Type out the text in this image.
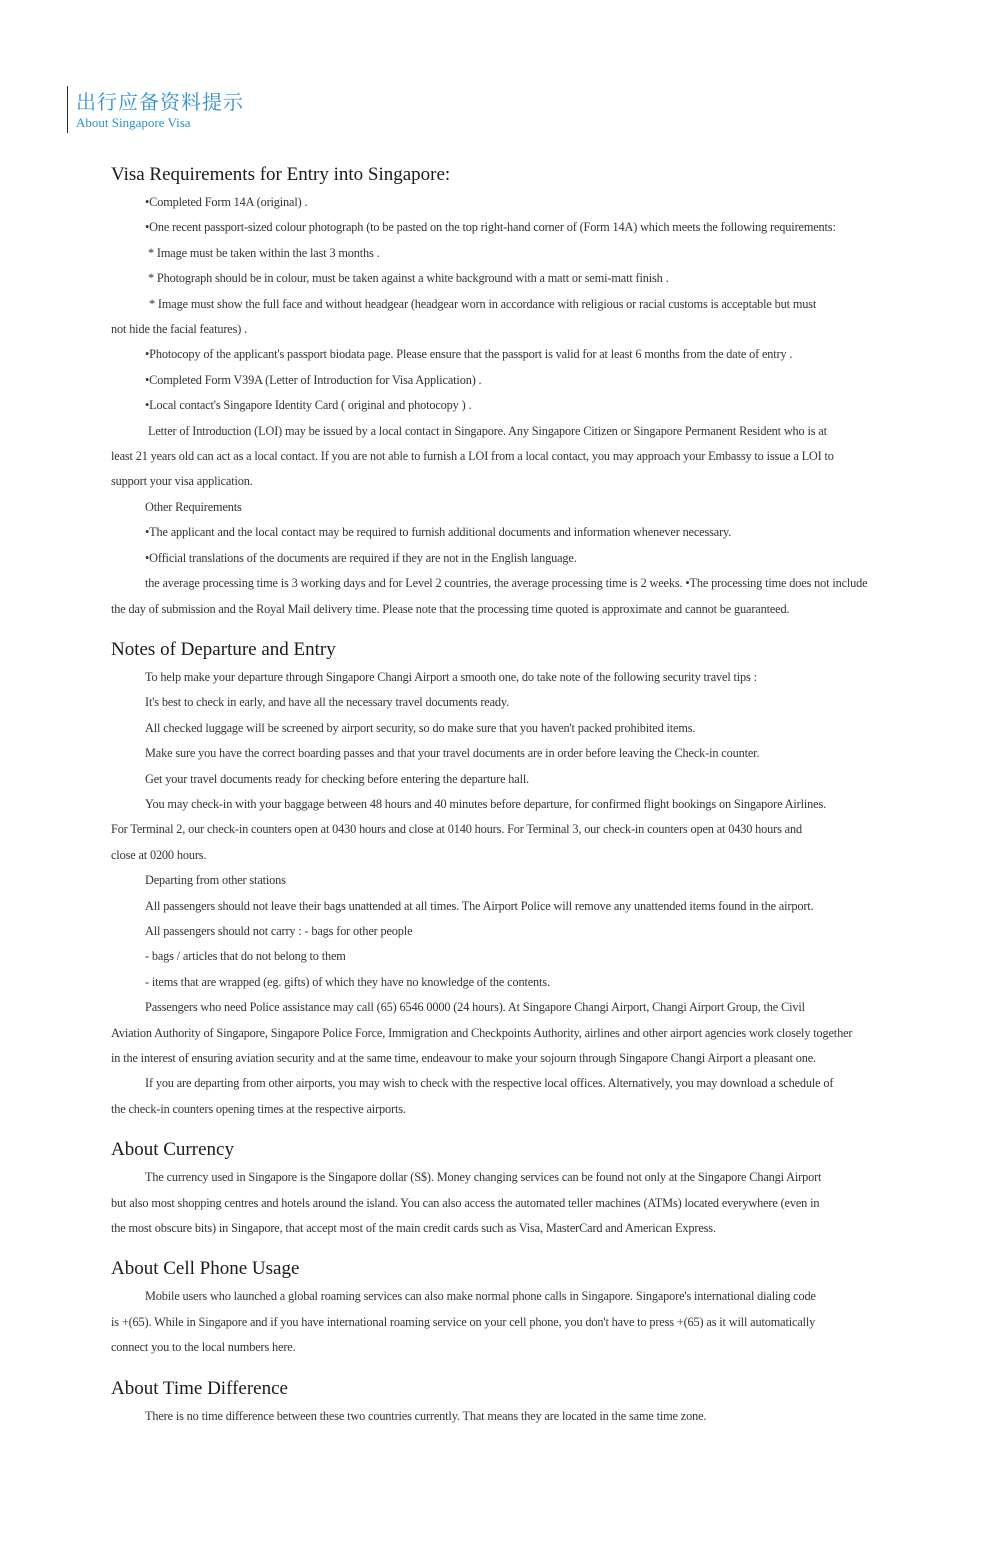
出行应备资料提示
About Singapore Visa
Visa Requirements for Entry into Singapore:
•Completed Form 14A (original) .
•One recent passport-sized colour photograph (to be pasted on the top right-hand corner of (Form 14A) which meets the following requirements:
* Image must be taken within the last 3 months .
* Photograph should be in colour, must be taken against a white background with a matt or semi-matt finish .
* Image must show the full face and without headgear (headgear worn in accordance with religious or racial customs is acceptable but must
not hide the facial features) .
•Photocopy of the applicant's passport biodata page. Please ensure that the passport is valid for at least 6 months from the date of entry .
•Completed Form V39A (Letter of Introduction for Visa Application) .
•Local contact's Singapore Identity Card ( original and photocopy ) .
Letter of Introduction (LOI) may be issued by a local contact in Singapore. Any Singapore Citizen or Singapore Permanent Resident who is at
least 21 years old can act as a local contact. If you are not able to furnish a LOI from a local contact, you may approach your Embassy to issue a LOI to
support your visa application.
Other Requirements
•The applicant and the local contact may be required to furnish additional documents and information whenever necessary.
•Official translations of the documents are required if they are not in the English language.
the average processing time is 3 working days and for Level 2 countries, the average processing time is 2 weeks. •The processing time does not include
the day of submission and the Royal Mail delivery time. Please note that the processing time quoted is approximate and cannot be guaranteed.
Notes of Departure and Entry
To help make your departure through Singapore Changi Airport a smooth one, do take note of the following security travel tips :
It's best to check in early, and have all the necessary travel documents ready.
All checked luggage will be screened by airport security, so do make sure that you haven't packed prohibited items.
Make sure you have the correct boarding passes and that your travel documents are in order before leaving the Check-in counter.
Get your travel documents ready for checking before entering the departure hall.
You may check-in with your baggage between 48 hours and 40 minutes before departure, for confirmed flight bookings on Singapore Airlines.
For Terminal 2, our check-in counters open at 0430 hours and close at 0140 hours. For Terminal 3, our check-in counters open at 0430 hours and
close at 0200 hours.
Departing from other stations
All passengers should not leave their bags unattended at all times. The Airport Police will remove any unattended items found in the airport.
All passengers should not carry : - bags for other people
- bags / articles that do not belong to them
- items that are wrapped (eg. gifts) of which they have no knowledge of the contents.
Passengers who need Police assistance may call (65) 6546 0000 (24 hours). At Singapore Changi Airport, Changi Airport Group, the Civil
Aviation Authority of Singapore, Singapore Police Force, Immigration and Checkpoints Authority, airlines and other airport agencies work closely together
in the interest of ensuring aviation security and at the same time, endeavour to make your sojourn through Singapore Changi Airport a pleasant one.
If you are departing from other airports, you may wish to check with the respective local offices. Alternatively, you may download a schedule of
the check-in counters opening times at the respective airports.
About Currency
The currency used in Singapore is the Singapore dollar (S$). Money changing services can be found not only at the Singapore Changi Airport
but also most shopping centres and hotels around the island. You can also access the automated teller machines (ATMs) located everywhere (even in
the most obscure bits) in Singapore, that accept most of the main credit cards such as Visa, MasterCard and American Express.
About Cell Phone Usage
Mobile users who launched a global roaming services can also make normal phone calls in Singapore. Singapore's international dialing code
is +(65). While in Singapore and if you have international roaming service on your cell phone, you don't have to press +(65) as it will automatically
connect you to the local numbers here.
About Time Difference
There is no time difference between these two countries currently. That means they are located in the same time zone.
